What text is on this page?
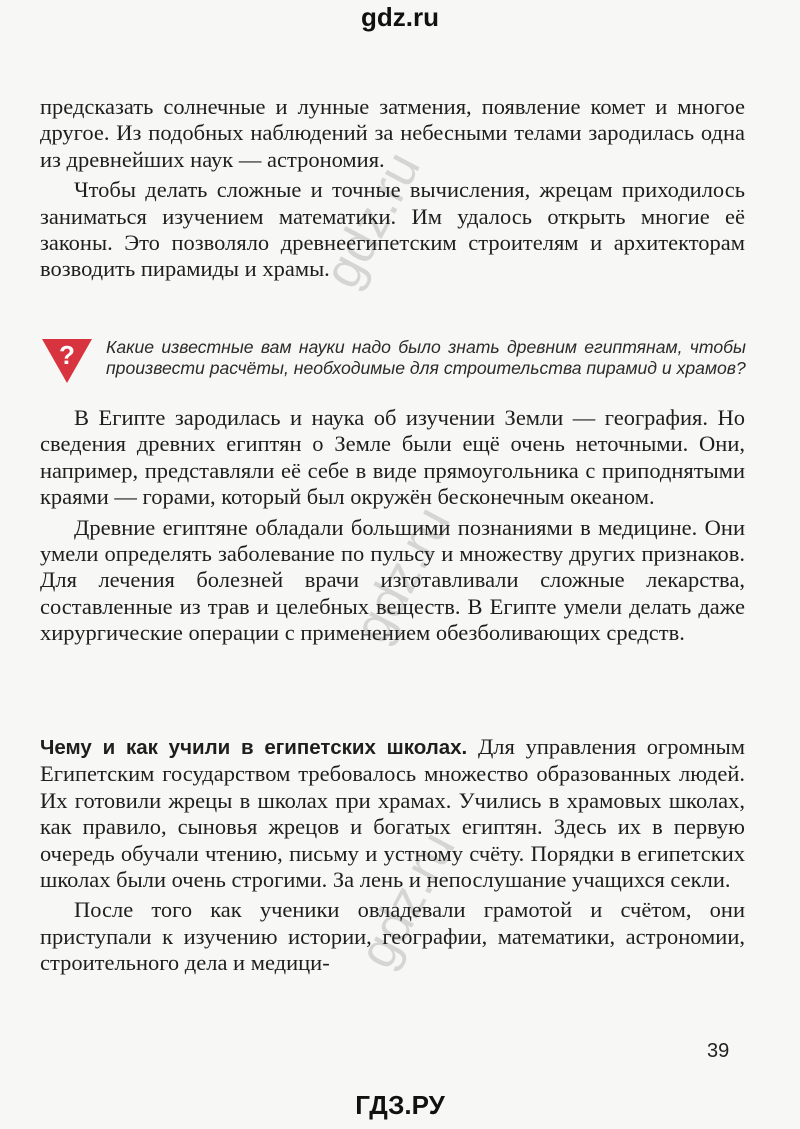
gdz.ru
gdz.ru
gdz.ru
gdz.ru

предсказать солнечные и лунные затмения, появление комет и многое другое. Из подобных наблюдений за небесными телами зародилась одна из древнейших наук — астрономия.

Чтобы делать сложные и точные вычисления, жрецам приходилось заниматься изучением математики. Им удалось открыть многие её законы. Это позволяло древнеегипетским строителям и архитекторам возводить пирамиды и храмы.

? Какие известные вам науки надо было знать древним египтянам, чтобы произвести расчёты, необходимые для строительства пирамид и храмов?

В Египте зародилась и наука об изучении Земли — география. Но сведения древних египтян о Земле были ещё очень неточными. Они, например, представляли её себе в виде прямоугольника с приподнятыми краями — горами, который был окружён бесконечным океаном.

Древние египтяне обладали большими познаниями в медицине. Они умели определять заболевание по пульсу и множеству других признаков. Для лечения болезней врачи изготавливали сложные лекарства, составленные из трав и целебных веществ. В Египте умели делать даже хирургические операции с применением обезболивающих средств.

Чему и как учили в египетских школах. Для управления огромным Египетским государством требовалось множество образованных людей. Их готовили жрецы в школах при храмах. Учились в храмовых школах, как правило, сыновья жрецов и богатых египтян. Здесь их в первую очередь обучали чтению, письму и устному счёту. Порядки в египетских школах были очень строгими. За лень и непослушание учащихся секли.

После того как ученики овладевали грамотой и счётом, они приступали к изучению истории, географии, математики, астрономии, строительного дела и медици-

39
ГДЗ.РУ
